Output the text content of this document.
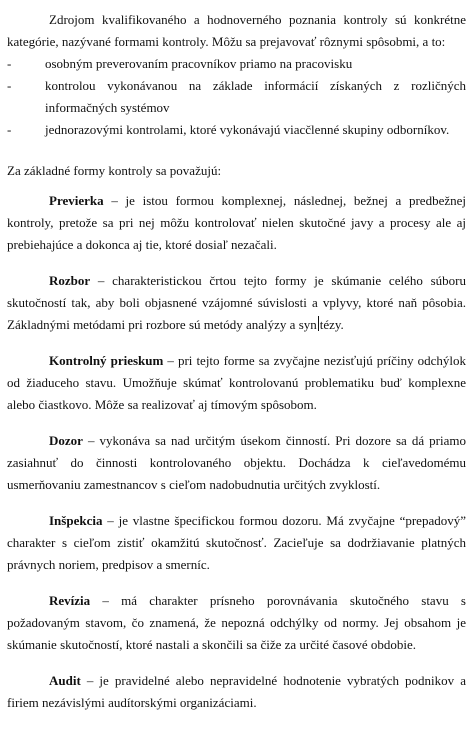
Zdrojom kvalifikovaného a hodnoverného poznania kontroly sú konkrétne kategórie, nazývané formami kontroly. Môžu sa prejavovať rôznymi spôsobmi, a to:

-	osobným preverovaním pracovníkov priamo na pracovisku
-	kontrolou vykonávanou na základe informácií získaných z rozličných informačných systémov
-	jednorazovými kontrolami, ktoré vykonávajú viacčlenné skupiny odborníkov.

Za základné formy kontroly sa považujú:

Previerka – je istou formou komplexnej, následnej, bežnej a predbežnej kontroly, pretože sa pri nej môžu kontrolovať nielen skutočné javy a procesy ale aj prebiehajúce a dokonca aj tie, ktoré dosiaľ nezačali.

Rozbor – charakteristickou črtou tejto formy je skúmanie celého súboru skutočností tak, aby boli objasnené vzájomné súvislosti a vplyvy, ktoré naň pôsobia. Základnými metódami pri rozbore sú metódy analýzy a syn tézy.

Kontrolný prieskum – pri tejto forme sa zvyčajne nezisťujú príčiny odchýlok od žiaduceho stavu. Umožňuje skúmať kontrolovanú problematiku buď komplexne alebo čiastkovo. Môže sa realizovať aj tímovým spôsobom.

Dozor – vykonáva sa nad určitým úsekom činností. Pri dozore sa dá priamo zasiahnuť do činnosti kontrolovaného objektu. Dochádza k cieľavedomému usmerňovaniu zamestnancov s cieľom nadobudnutia určitých zvyklostí.

Inšpekcia – je vlastne špecifickou formou dozoru. Má zvyčajne “prepadový” charakter s cieľom zistiť okamžitú skutočnosť. Zacieľuje sa dodržiavanie platných právnych noriem, predpisov a smerníc.

Revízia – má charakter prísneho porovnávania skutočného stavu s požadovaným stavom, čo znamená, že nepozná odchýlky od normy. Jej obsahom je skúmanie skutočností, ktoré nastali a skončili sa čiže za určité časové obdobie.

Audit – je pravidelné alebo nepravidelné hodnotenie vybratých podnikov a firiem nezávislými audítorskými organizáciami.
